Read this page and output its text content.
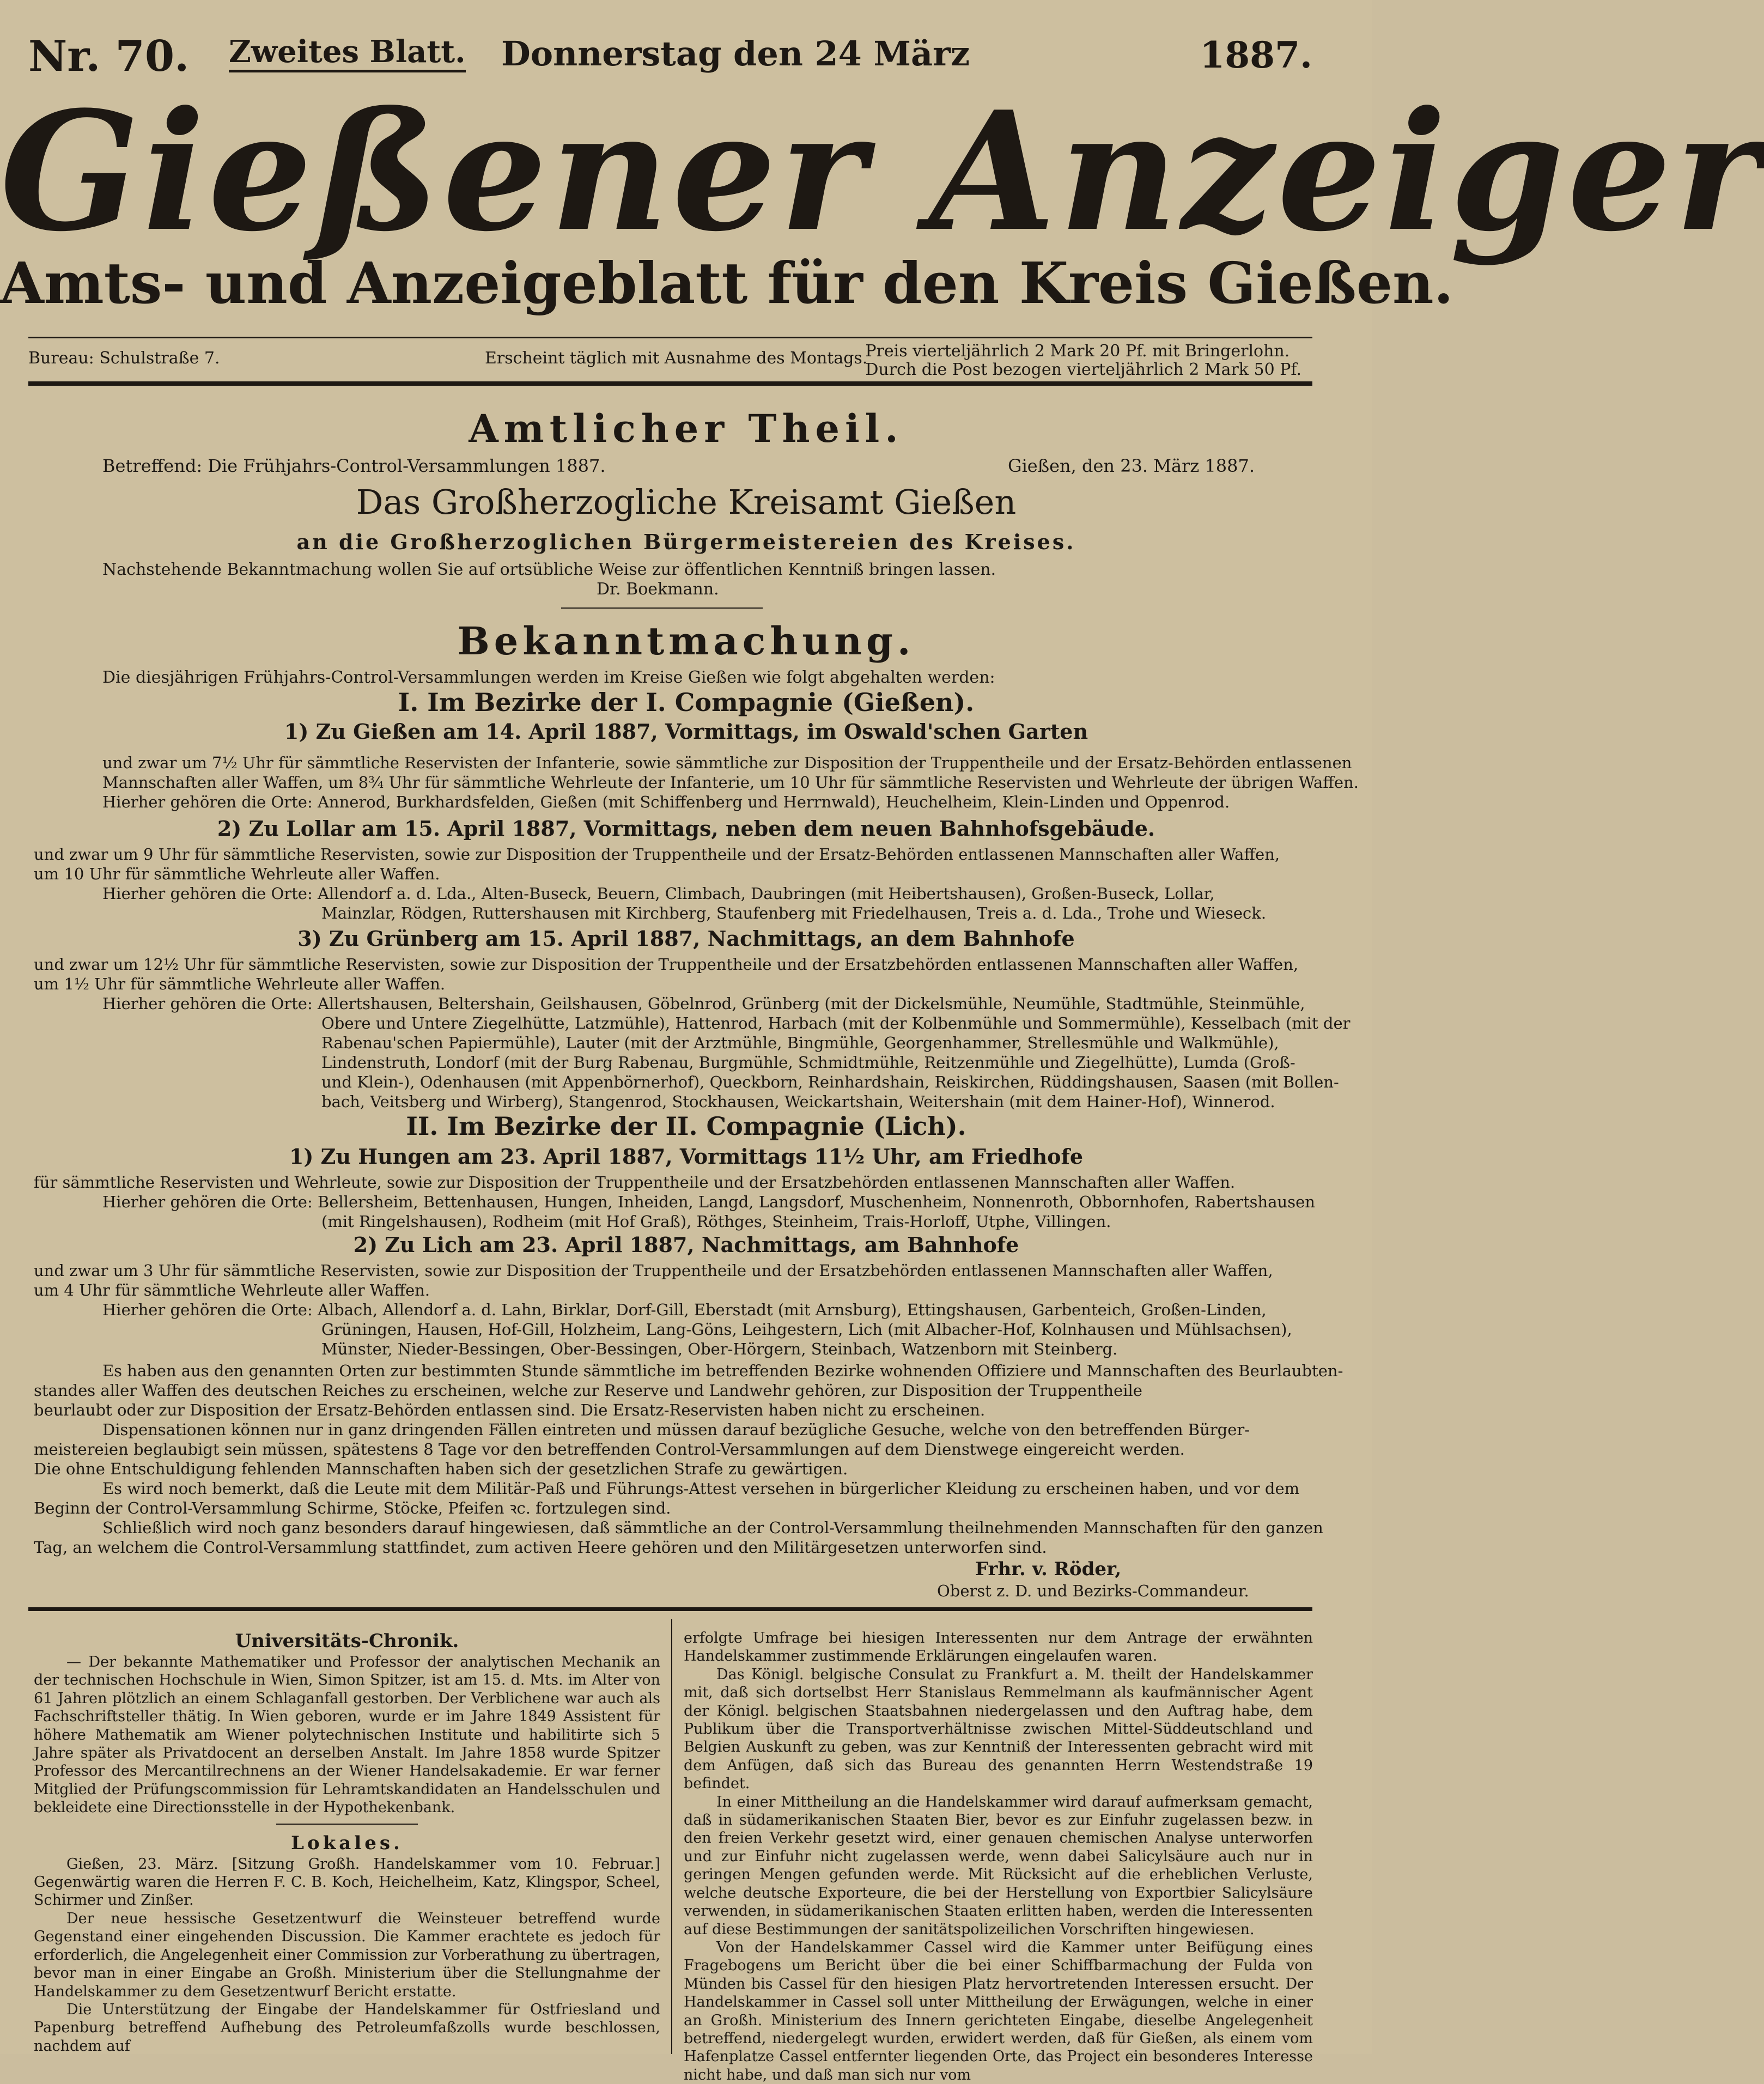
Nr. 70. Zweites Blatt. Donnerstag den 24 März	1887.
Gießener Anzeiger
Amts- und Anzeigeblatt für den Kreis Gießen.
Bureau: Schulstraße 7.	Erscheint täglich mit Ausnahme des Montags.
Preis vierteljährlich 2 Mark 20 Pf. mit Bringerlohn.
Durch die Post bezogen vierteljährlich 2 Mark 50 Pf.
Amtlicher Theil.
Betreffend: Die Frühjahrs-Control-Versammlungen 1887.	Gießen, den 23. März 1887.
Das Großherzogliche Kreisamt Gießen
an die Großherzoglichen Bürgermeistereien des Kreises.
Nachstehende Bekanntmachung wollen Sie auf ortsübliche Weise zur öffentlichen Kenntniß bringen lassen.
Dr. Boekmann.
Bekanntmachung.
Die diesjährigen Frühjahrs-Control-Versammlungen werden im Kreise Gießen wie folgt abgehalten werden:
I. Im Bezirke der I. Compagnie (Gießen).
1) Zu Gießen am 14. April 1887, Vormittags, im Oswald'schen Garten
und zwar um 7½ Uhr für sämmtliche Reservisten der Infanterie, sowie sämmtliche zur Disposition der Truppentheile und der Ersatz-Behörden entlassenen
Mannschaften aller Waffen, um 8¾ Uhr für sämmtliche Wehrleute der Infanterie, um 10 Uhr für sämmtliche Reservisten und Wehrleute der übrigen Waffen.
Hierher gehören die Orte: Annerod, Burkhardsfelden, Gießen (mit Schiffenberg und Herrnwald), Heuchelheim, Klein-Linden und Oppenrod.
2) Zu Lollar am 15. April 1887, Vormittags, neben dem neuen Bahnhofsgebäude.
und zwar um 9 Uhr für sämmtliche Reservisten, sowie zur Disposition der Truppentheile und der Ersatz-Behörden entlassenen Mannschaften aller Waffen,
um 10 Uhr für sämmtliche Wehrleute aller Waffen.
Hierher gehören die Orte: Allendorf a. d. Lda., Alten-Buseck, Beuern, Climbach, Daubringen (mit Heibertshausen), Großen-Buseck, Lollar,
Mainzlar, Rödgen, Ruttershausen mit Kirchberg, Staufenberg mit Friedelhausen, Treis a. d. Lda., Trohe und Wieseck.
3) Zu Grünberg am 15. April 1887, Nachmittags, an dem Bahnhofe
und zwar um 12½ Uhr für sämmtliche Reservisten, sowie zur Disposition der Truppentheile und der Ersatzbehörden entlassenen Mannschaften aller Waffen,
um 1½ Uhr für sämmtliche Wehrleute aller Waffen.
Hierher gehören die Orte: Allertshausen, Beltershain, Geilshausen, Göbelnrod, Grünberg (mit der Dickelsmühle, Neumühle, Stadtmühle, Steinmühle,
Obere und Untere Ziegelhütte, Latzmühle), Hattenrod, Harbach (mit der Kolbenmühle und Sommermühle), Kesselbach (mit der
Rabenau'schen Papiermühle), Lauter (mit der Arztmühle, Bingmühle, Georgenhammer, Strellesmühle und Walkmühle),
Lindenstruth, Londorf (mit der Burg Rabenau, Burgmühle, Schmidtmühle, Reitzenmühle und Ziegelhütte), Lumda (Groß-
und Klein-), Odenhausen (mit Appenbörnerhof), Queckborn, Reinhardshain, Reiskirchen, Rüddingshausen, Saasen (mit Bollen-
bach, Veitsberg und Wirberg), Stangenrod, Stockhausen, Weickartshain, Weitershain (mit dem Hainer-Hof), Winnerod.
II. Im Bezirke der II. Compagnie (Lich).
1) Zu Hungen am 23. April 1887, Vormittags 11½ Uhr, am Friedhofe
für sämmtliche Reservisten und Wehrleute, sowie zur Disposition der Truppentheile und der Ersatzbehörden entlassenen Mannschaften aller Waffen.
Hierher gehören die Orte: Bellersheim, Bettenhausen, Hungen, Inheiden, Langd, Langsdorf, Muschenheim, Nonnenroth, Obbornhofen, Rabertshausen
(mit Ringelshausen), Rodheim (mit Hof Graß), Röthges, Steinheim, Trais-Horloff, Utphe, Villingen.
2) Zu Lich am 23. April 1887, Nachmittags, am Bahnhofe
und zwar um 3 Uhr für sämmtliche Reservisten, sowie zur Disposition der Truppentheile und der Ersatzbehörden entlassenen Mannschaften aller Waffen,
um 4 Uhr für sämmtliche Wehrleute aller Waffen.
Hierher gehören die Orte: Albach, Allendorf a. d. Lahn, Birklar, Dorf-Gill, Eberstadt (mit Arnsburg), Ettingshausen, Garbenteich, Großen-Linden,
Grüningen, Hausen, Hof-Gill, Holzheim, Lang-Göns, Leihgestern, Lich (mit Albacher-Hof, Kolnhausen und Mühlsachsen),
Münster, Nieder-Bessingen, Ober-Bessingen, Ober-Hörgern, Steinbach, Watzenborn mit Steinberg.
Es haben aus den genannten Orten zur bestimmten Stunde sämmtliche im betreffenden Bezirke wohnenden Offiziere und Mannschaften des Beurlaubten-
standes aller Waffen des deutschen Reiches zu erscheinen, welche zur Reserve und Landwehr gehören, zur Disposition der Truppentheile
beurlaubt oder zur Disposition der Ersatz-Behörden entlassen sind. Die Ersatz-Reservisten haben nicht zu erscheinen.
Dispensationen können nur in ganz dringenden Fällen eintreten und müssen darauf bezügliche Gesuche, welche von den betreffenden Bürger-
meistereien beglaubigt sein müssen, spätestens 8 Tage vor den betreffenden Control-Versammlungen auf dem Dienstwege eingereicht werden.
Die ohne Entschuldigung fehlenden Mannschaften haben sich der gesetzlichen Strafe zu gewärtigen.
Es wird noch bemerkt, daß die Leute mit dem Militär-Paß und Führungs-Attest versehen in bürgerlicher Kleidung zu erscheinen haben, und vor dem
Beginn der Control-Versammlung Schirme, Stöcke, Pfeifen ꝛc. fortzulegen sind.
Schließlich wird noch ganz besonders darauf hingewiesen, daß sämmtliche an der Control-Versammlung theilnehmenden Mannschaften für den ganzen
Tag, an welchem die Control-Versammlung stattfindet, zum activen Heere gehören und den Militärgesetzen unterworfen sind.
Frhr. v. Röder,
Oberst z. D. und Bezirks-Commandeur.
Universitäts-Chronik.

— Der bekannte Mathematiker und Professor der analytischen Mechanik an der technischen Hochschule in Wien, Simon Spitzer, ist am 15. d. Mts. im Alter von 61 Jahren plötzlich an einem Schlaganfall gestorben. Der Verblichene war auch als Fachschriftsteller thätig. In Wien geboren, wurde er im Jahre 1849 Assistent für höhere Mathematik am Wiener polytechnischen Institute und habilitirte sich 5 Jahre später als Privatdocent an derselben Anstalt. Im Jahre 1858 wurde Spitzer Professor des Mercantilrechnens an der Wiener Handelsakademie. Er war ferner Mitglied der Prüfungscommission für Lehramtskandidaten an Handelsschulen und bekleidete eine Directionsstelle in der Hypothekenbank.

Lokales.

Gießen, 23. März. [Sitzung Großh. Handelskammer vom 10. Februar.] Gegenwärtig waren die Herren F. C. B. Koch, Heichelheim, Katz, Klingspor, Scheel, Schirmer und Zinßer.

Der neue hessische Gesetzentwurf die Weinsteuer betreffend wurde Gegenstand einer eingehenden Discussion. Die Kammer erachtete es jedoch für erforderlich, die Angelegenheit einer Commission zur Vorberathung zu übertragen, bevor man in einer Eingabe an Großh. Ministerium über die Stellungnahme der Handelskammer zu dem Gesetzentwurf Bericht erstatte.

Die Unterstützung der Eingabe der Handelskammer für Ostfriesland und Papenburg betreffend Aufhebung des Petroleumfaßzolls wurde beschlossen, nachdem auf

erfolgte Umfrage bei hiesigen Interessenten nur dem Antrage der erwähnten Handelskammer zustimmende Erklärungen eingelaufen waren.

Das Königl. belgische Consulat zu Frankfurt a. M. theilt der Handelskammer mit, daß sich dortselbst Herr Stanislaus Remmelmann als kaufmännischer Agent der Königl. belgischen Staatsbahnen niedergelassen und den Auftrag habe, dem Publikum über die Transportverhältnisse zwischen Mittel-Süddeutschland und Belgien Auskunft zu geben, was zur Kenntniß der Interessenten gebracht wird mit dem Anfügen, daß sich das Bureau des genannten Herrn Westendstraße 19 befindet.

In einer Mittheilung an die Handelskammer wird darauf aufmerksam gemacht, daß in südamerikanischen Staaten Bier, bevor es zur Einfuhr zugelassen bezw. in den freien Verkehr gesetzt wird, einer genauen chemischen Analyse unterworfen und zur Einfuhr nicht zugelassen werde, wenn dabei Salicylsäure auch nur in geringen Mengen gefunden werde. Mit Rücksicht auf die erheblichen Verluste, welche deutsche Exporteure, die bei der Herstellung von Exportbier Salicylsäure verwenden, in südamerikanischen Staaten erlitten haben, werden die Interessenten auf diese Bestimmungen der sanitätspolizeilichen Vorschriften hingewiesen.

Von der Handelskammer Cassel wird die Kammer unter Beifügung eines Fragebogens um Bericht über die bei einer Schiffbarmachung der Fulda von Münden bis Cassel für den hiesigen Platz hervortretenden Interessen ersucht. Der Handelskammer in Cassel soll unter Mittheilung der Erwägungen, welche in einer an Großh. Ministerium des Innern gerichteten Eingabe, dieselbe Angelegenheit betreffend, niedergelegt wurden, erwidert werden, daß für Gießen, als einem vom Hafenplatze Cassel entfernter liegenden Orte, das Project ein besonderes Interesse nicht habe, und daß man sich nur vom
